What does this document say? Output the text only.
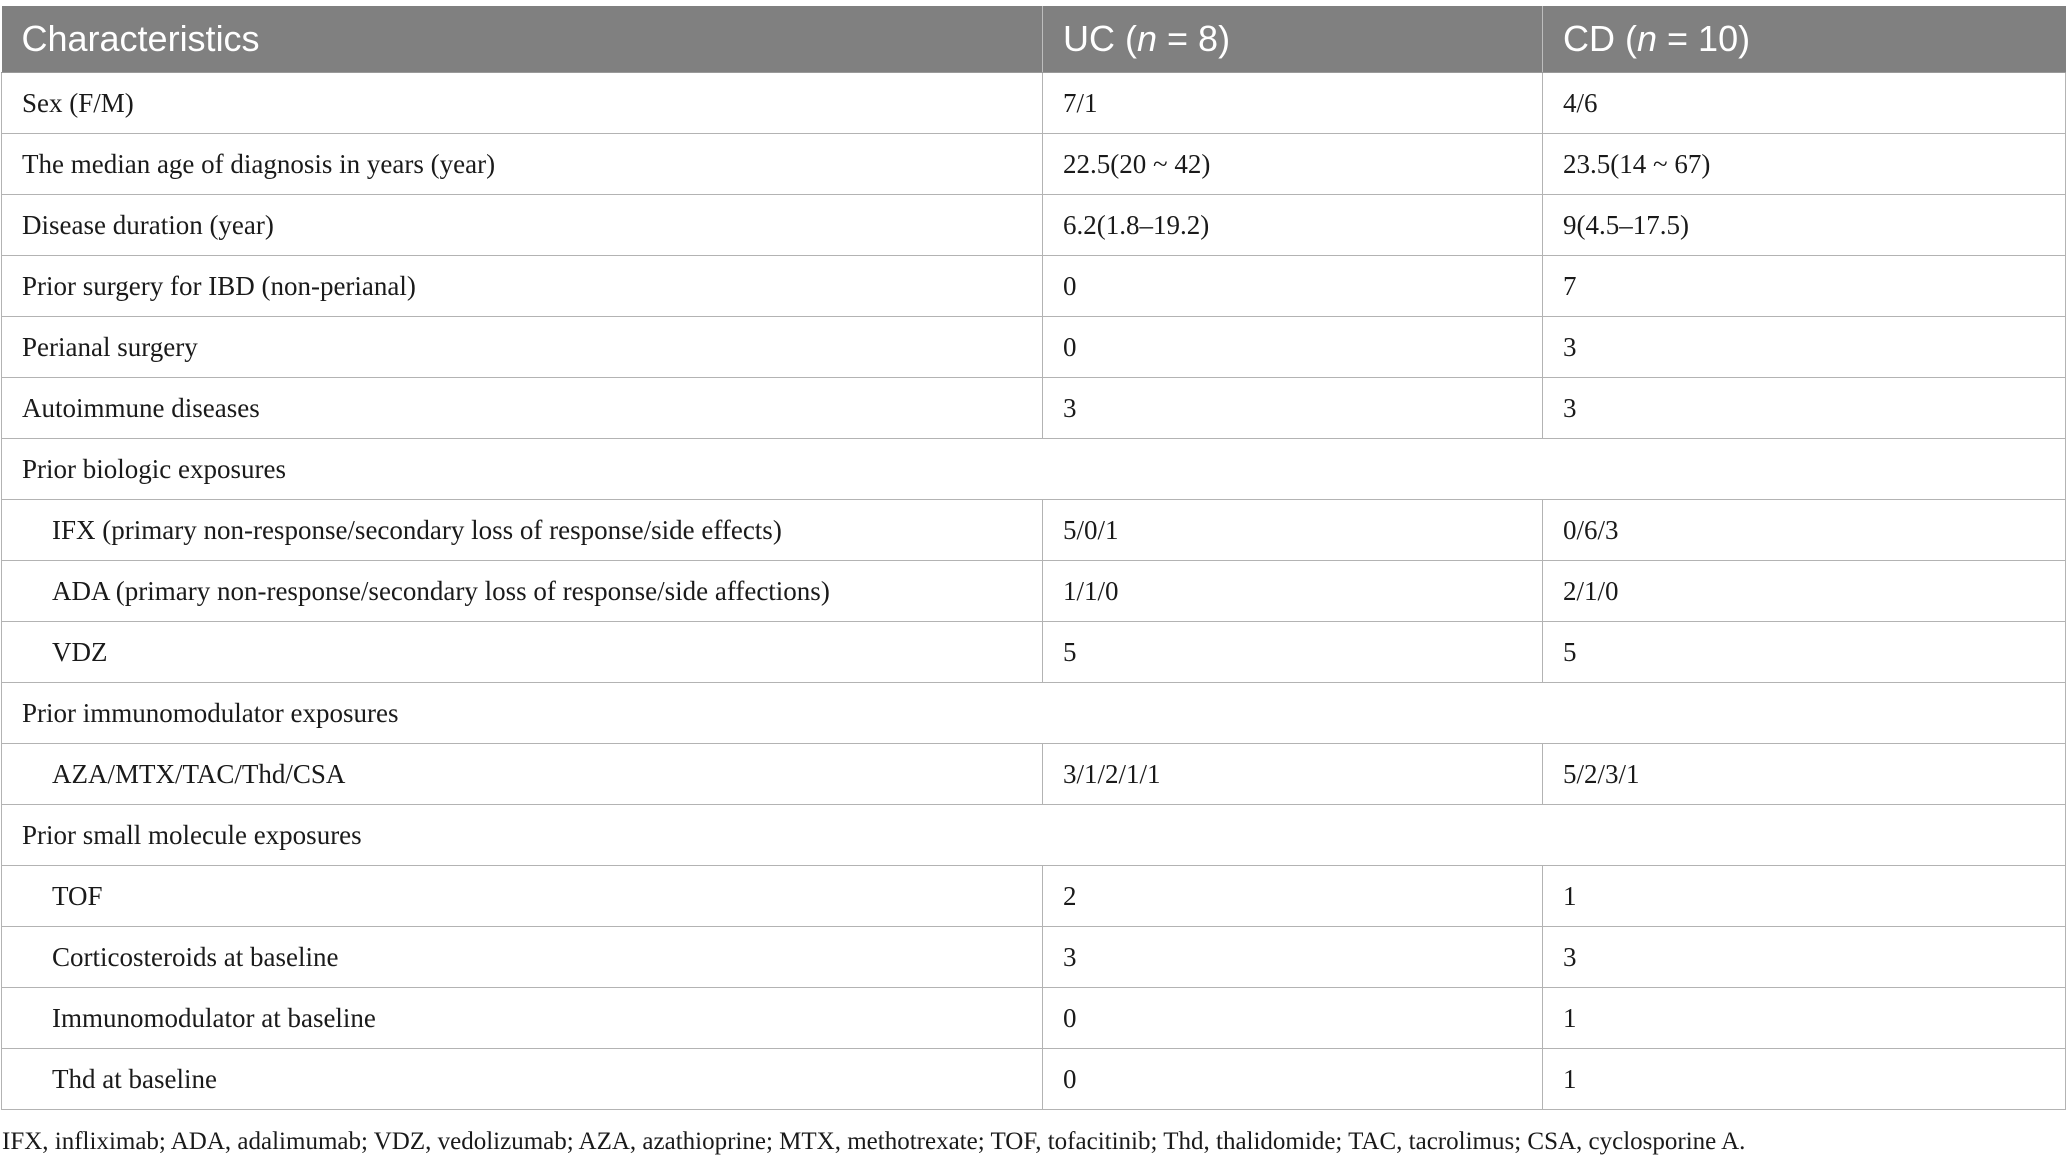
Characteristics	UC (n = 8)	CD (n = 10)
Sex (F/M)	7/1	4/6
The median age of diagnosis in years (year)	22.5(20 ~ 42)	23.5(14 ~ 67)
Disease duration (year)	6.2(1.8–19.2)	9(4.5–17.5)
Prior surgery for IBD (non-perianal)	0	7
Perianal surgery	0	3
Autoimmune diseases	3	3
Prior biologic exposures		
IFX (primary non-response/secondary loss of response/side effects)	5/0/1	0/6/3
ADA (primary non-response/secondary loss of response/side affections)	1/1/0	2/1/0
VDZ	5	5
Prior immunomodulator exposures		
AZA/MTX/TAC/Thd/CSA	3/1/2/1/1	5/2/3/1
Prior small molecule exposures		
TOF	2	1
Corticosteroids at baseline	3	3
Immunomodulator at baseline	0	1
Thd at baseline	0	1
IFX, infliximab; ADA, adalimumab; VDZ, vedolizumab; AZA, azathioprine; MTX, methotrexate; TOF, tofacitinib; Thd, thalidomide; TAC, tacrolimus; CSA, cyclosporine A.
